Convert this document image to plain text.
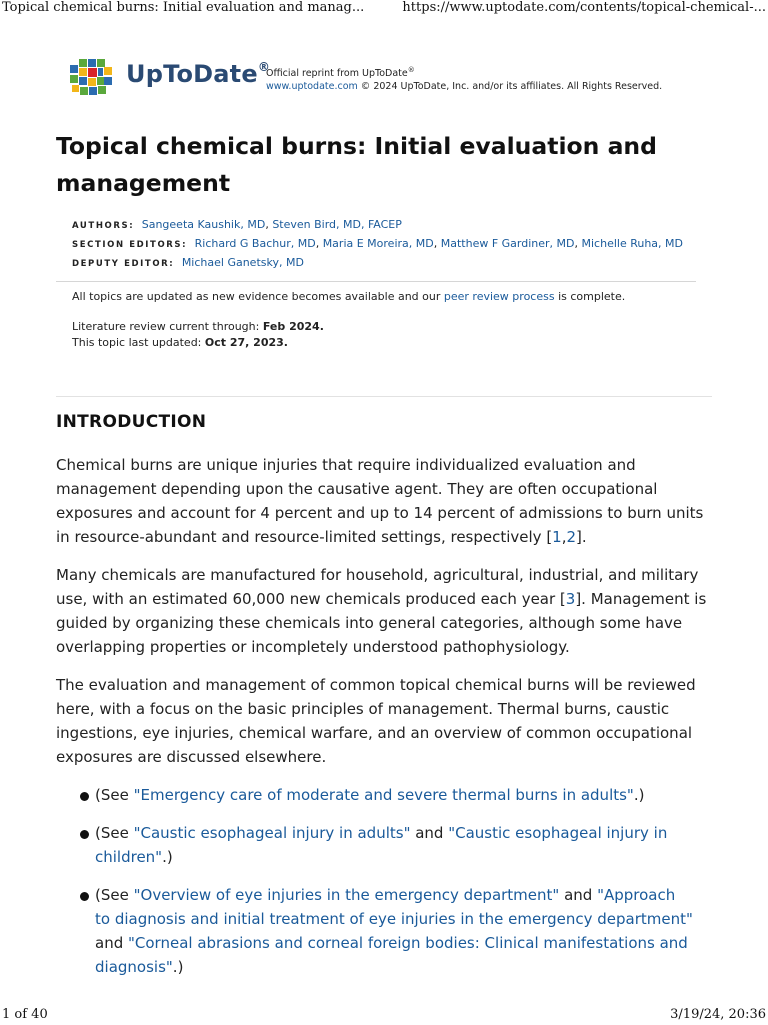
Topical chemical burns: Initial evaluation and manag...	https://www.uptodate.com/contents/topical-chemical-...
UpToDate®
Official reprint from UpToDate®
www.uptodate.com © 2024 UpToDate, Inc. and/or its affiliates. All Rights Reserved.
Topical chemical burns: Initial evaluation and management
AUTHORS: Sangeeta Kaushik, MD, Steven Bird, MD, FACEP
SECTION EDITORS: Richard G Bachur, MD, Maria E Moreira, MD, Matthew F Gardiner, MD, Michelle Ruha, MD
DEPUTY EDITOR: Michael Ganetsky, MD
All topics are updated as new evidence becomes available and our peer review process is complete.
Literature review current through: Feb 2024.
This topic last updated: Oct 27, 2023.
INTRODUCTION

Chemical burns are unique injuries that require individualized evaluation and management depending upon the causative agent. They are often occupational exposures and account for 4 percent and up to 14 percent of admissions to burn units in resource-abundant and resource-limited settings, respectively [1,2].

Many chemicals are manufactured for household, agricultural, industrial, and military use, with an estimated 60,000 new chemicals produced each year [3]. Management is guided by organizing these chemicals into general categories, although some have overlapping properties or incompletely understood pathophysiology.

The evaluation and management of common topical chemical burns will be reviewed here, with a focus on the basic principles of management. Thermal burns, caustic ingestions, eye injuries, chemical warfare, and an overview of common occupational exposures are discussed elsewhere.

(See "Emergency care of moderate and severe thermal burns in adults".)
(See "Caustic esophageal injury in adults" and "Caustic esophageal injury in children".)
(See "Overview of eye injuries in the emergency department" and "Approach to diagnosis and initial treatment of eye injuries in the emergency department" and "Corneal abrasions and corneal foreign bodies: Clinical manifestations and diagnosis".)
1 of 40	3/19/24, 20:36
